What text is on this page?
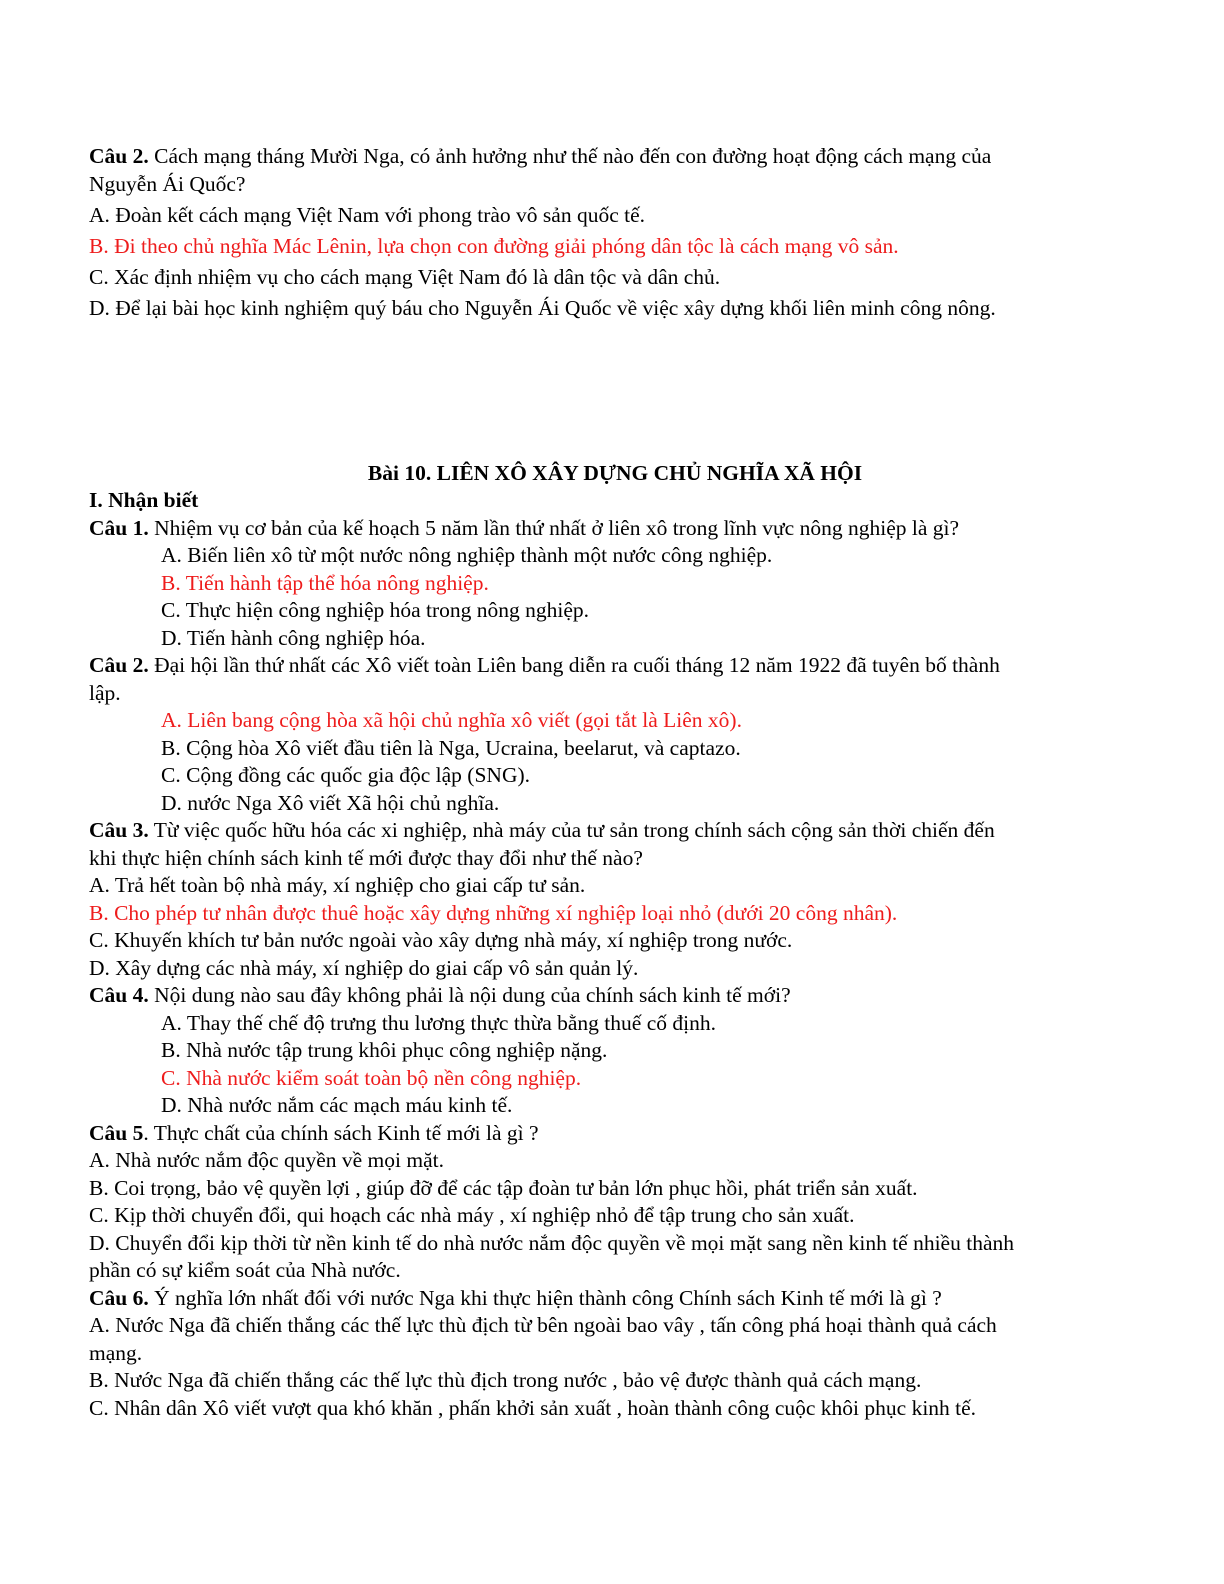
Câu 2. Cách mạng tháng Mười Nga, có ảnh hưởng như thế nào đến con đường hoạt động cách mạng của
Nguyễn Ái Quốc?
A. Đoàn kết cách mạng Việt Nam với phong trào vô sản quốc tế.
B. Đi theo chủ nghĩa Mác Lênin, lựa chọn con đường giải phóng dân tộc là cách mạng vô sản.
C. Xác định nhiệm vụ cho cách mạng Việt Nam đó là dân tộc và dân chủ.
D. Để lại bài học kinh nghiệm quý báu cho Nguyễn Ái Quốc về việc xây dựng khối liên minh công nông.
Bài 10. LIÊN XÔ XÂY DỰNG CHỦ NGHĨA XÃ HỘI
I. Nhận biết
Câu 1. Nhiệm vụ cơ bản của kế hoạch 5 năm lần thứ nhất ở liên xô trong lĩnh vực nông nghiệp là gì?
A. Biến liên xô từ một nước nông nghiệp thành một nước công nghiệp.
B. Tiến hành tập thể hóa nông nghiệp.
C. Thực hiện công nghiệp hóa trong nông nghiệp.
D. Tiến hành công nghiệp hóa.
Câu 2. Đại hội lần thứ nhất các Xô viết toàn Liên bang diễn ra cuối tháng 12 năm 1922 đã tuyên bố thành
lập.
A. Liên bang cộng hòa xã hội chủ nghĩa xô viết (gọi tắt là Liên xô).
B. Cộng hòa Xô viết đầu tiên là Nga, Ucraina, beelarut, và captazo.
C. Cộng đồng các quốc gia độc lập (SNG).
D. nước Nga Xô viết Xã hội chủ nghĩa.
Câu 3. Từ việc quốc hữu hóa các xi nghiệp, nhà máy của tư sản trong chính sách cộng sản thời chiến đến
khi thực hiện chính sách kinh tế mới được thay đổi như thế nào?
A. Trả hết toàn bộ nhà máy, xí nghiệp cho giai cấp tư sản.
B. Cho phép tư nhân được thuê hoặc xây dựng những xí nghiệp loại nhỏ (dưới 20 công nhân).
C. Khuyến khích tư bản nước ngoài vào xây dựng nhà máy, xí nghiệp trong nước.
D. Xây dựng các nhà máy, xí nghiệp do giai cấp vô sản quản lý.
Câu 4. Nội dung nào sau đây không phải là nội dung của chính sách kinh tế mới?
A. Thay thế chế độ trưng thu lương thực thừa bằng thuế cố định.
B. Nhà nước tập trung khôi phục công nghiệp nặng.
C. Nhà nước kiểm soát toàn bộ nền công nghiệp.
D. Nhà nước nắm các mạch máu kinh tế.
Câu 5. Thực chất của chính sách Kinh tế mới là gì ?
A. Nhà nước nắm độc quyền về mọi mặt.
B. Coi trọng, bảo vệ quyền lợi , giúp đỡ để các tập đoàn tư bản lớn phục hồi, phát triển sản xuất.
C. Kịp thời chuyển đổi, qui hoạch các nhà máy , xí nghiệp nhỏ để tập trung cho sản xuất.
D. Chuyển đổi kịp thời từ nền kinh tế do nhà nước nắm độc quyền về mọi mặt sang nền kinh tế nhiều thành
phần có sự kiểm soát của Nhà nước.
Câu 6. Ý nghĩa lớn nhất đối với nước Nga khi thực hiện thành công Chính sách Kinh tế mới là gì ?
A. Nước Nga đã chiến thắng các thế lực thù địch từ bên ngoài bao vây , tấn công phá hoại thành quả cách
mạng.
B. Nước Nga đã chiến thắng các thế lực thù địch trong nước , bảo vệ được thành quả cách mạng.
C. Nhân dân Xô viết vượt qua khó khăn , phấn khởi sản xuất , hoàn thành công cuộc khôi phục kinh tế.
